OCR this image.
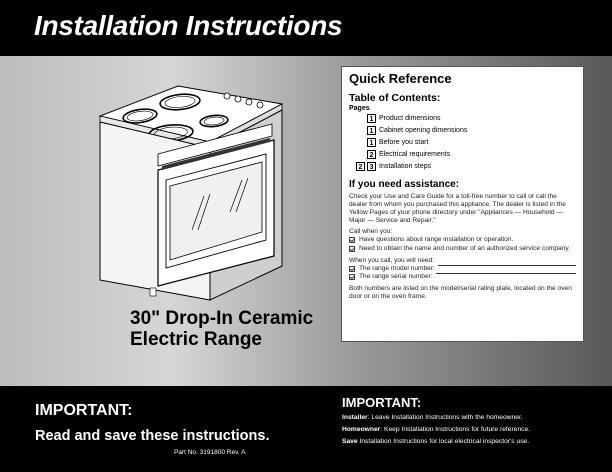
Installation Instructions
30" Drop-In Ceramic
Electric Range
Quick Reference
Table of Contents:
Pages
1 Product dimensions
1 Cabinet opening dimensions
1 Before you start
2 Electrical requirements
2	3 Installation steps
If you need assistance:
Check your Use and Care Guide for a toll-free number to call or call the dealer from whom you purchased this appliance. The dealer is listed in the Yellow Pages of your phone directory under "Appliances — Household — Major — Service and Repair."
Call when you:
Have questions about range installation or operation.
Need to obtain the name and number of an authorized service company.
When you call, you will need:
The range model number:
The range serial number:
Both numbers are listed on the model/serial rating plate, located on the oven door or on the oven frame.
IMPORTANT:
Read and save these instructions.
Part No. 3191800 Rev. A
IMPORTANT:
Installer: Leave Installation Instructions with the homeowner.
Homeowner: Keep Installation Instructions for future reference.
Save Installation Instructions for local electrical inspector's use.
